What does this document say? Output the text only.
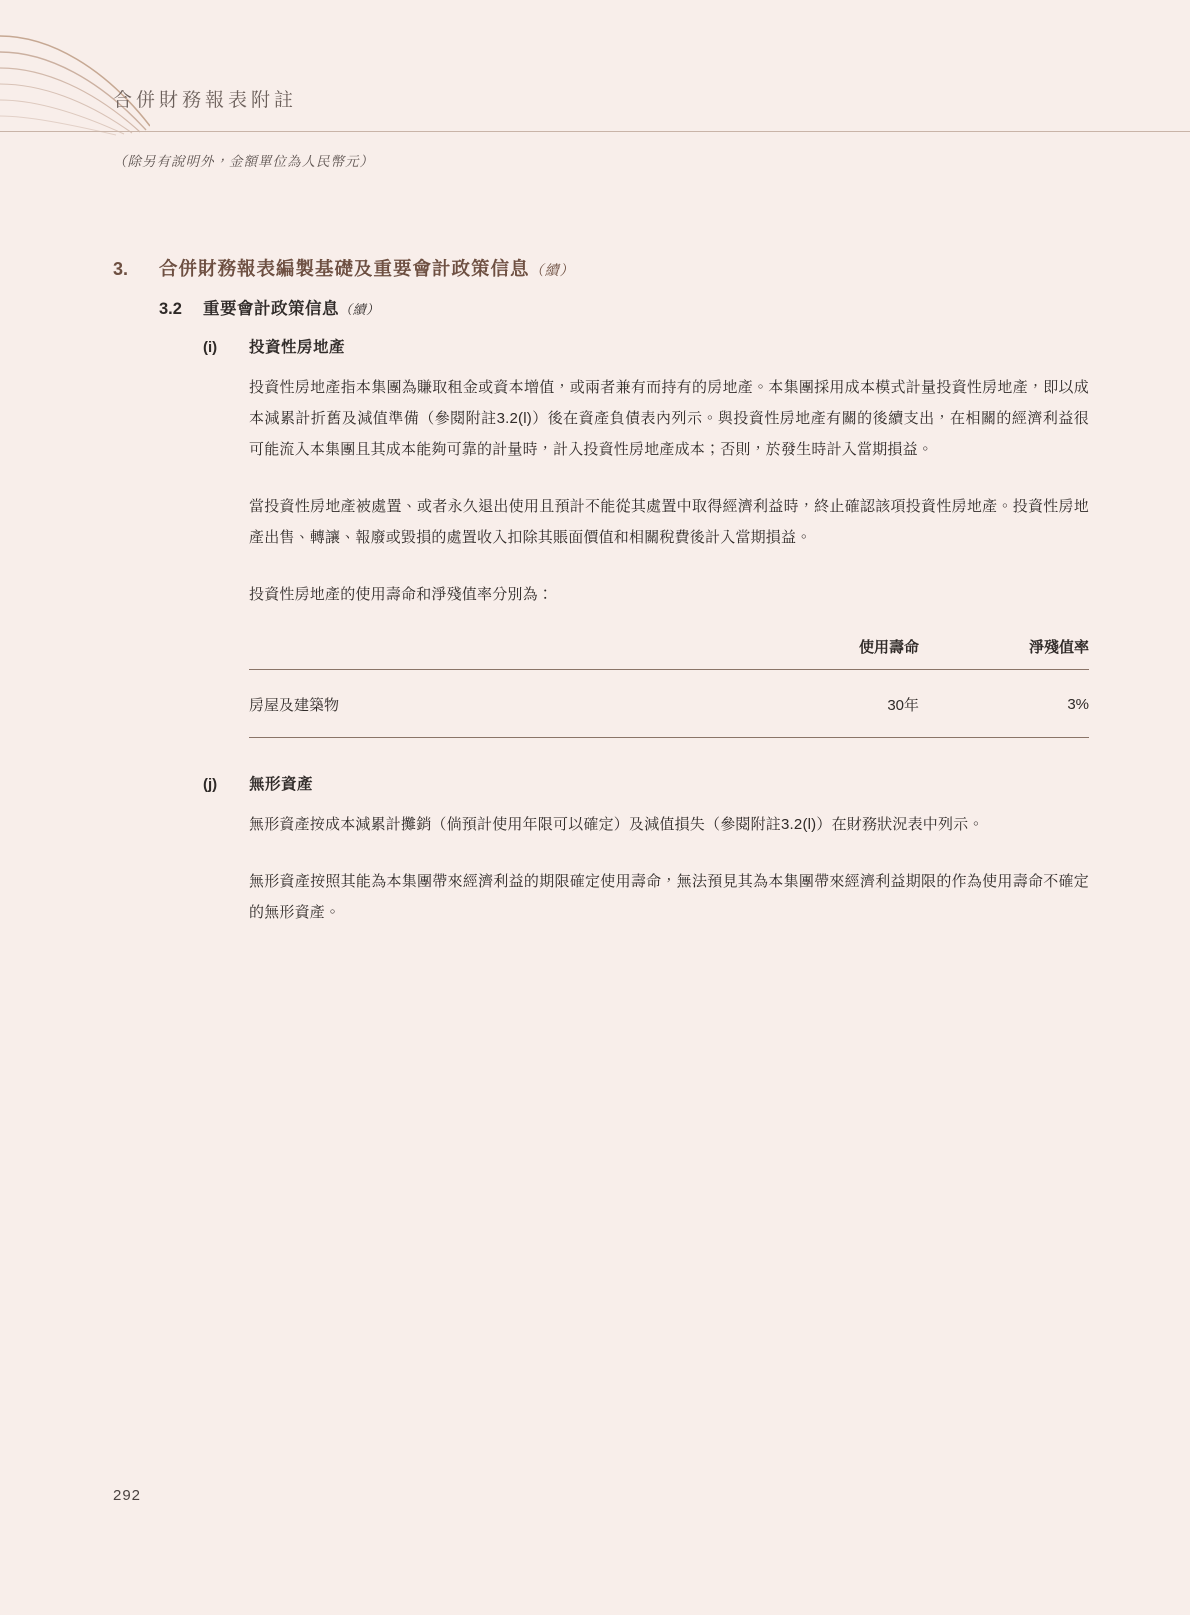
合併財務報表附註
（除另有說明外，金額單位為人民幣元）
3.	合併財務報表編製基礎及重要會計政策信息（續）
3.2	重要會計政策信息（續）
(i)	投資性房地產

投資性房地產指本集團為賺取租金或資本增值，或兩者兼有而持有的房地產。本集團採用成本模式計量投資性房地產，即以成本減累計折舊及減值準備（參閱附註3.2(l)）後在資產負債表內列示。與投資性房地產有關的後續支出，在相關的經濟利益很可能流入本集團且其成本能夠可靠的計量時，計入投資性房地產成本；否則，於發生時計入當期損益。

當投資性房地產被處置、或者永久退出使用且預計不能從其處置中取得經濟利益時，終止確認該項投資性房地產。投資性房地產出售、轉讓、報廢或毀損的處置收入扣除其賬面價值和相關稅費後計入當期損益。

投資性房地產的使用壽命和淨殘值率分別為：

	使用壽命	淨殘值率
房屋及建築物	30年	3%
(j)	無形資產

無形資產按成本減累計攤銷（倘預計使用年限可以確定）及減值損失（參閱附註3.2(l)）在財務狀況表中列示。

無形資產按照其能為本集團帶來經濟利益的期限確定使用壽命，無法預見其為本集團帶來經濟利益期限的作為使用壽命不確定的無形資產。

292
